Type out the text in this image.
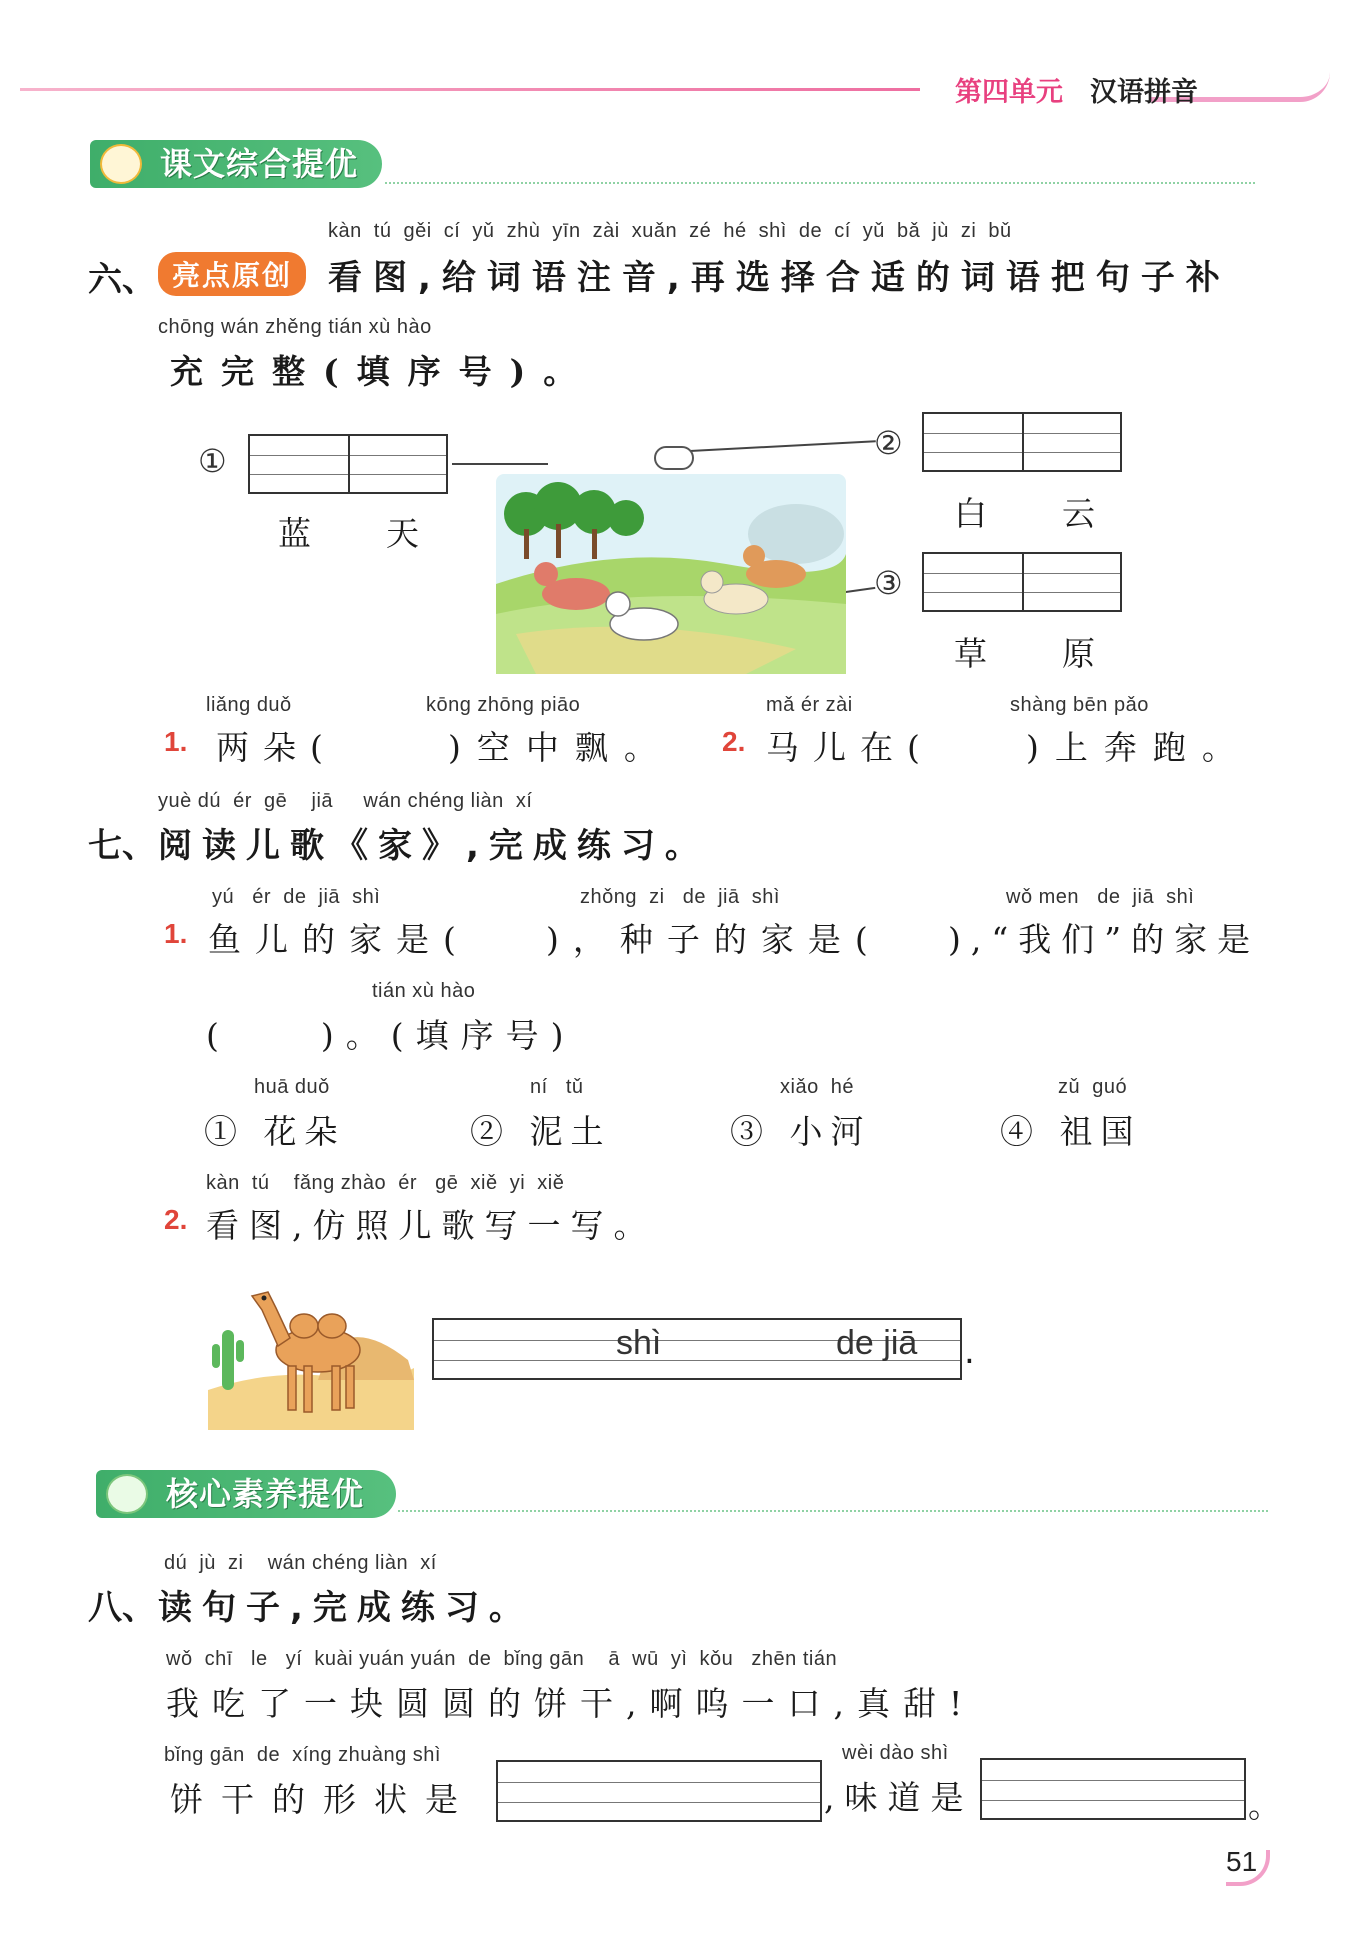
第四单元 汉语拼音
课文综合提优
kàn tú gěi cí yǔ zhù yīn zài xuǎn zé hé shì de cí yǔ bǎ jù zi bǔ
六、 亮点原创	看图,给词语注音,再选择合适的词语把句子补
chōng wán zhěng tián xù hào
充完整(填序号)。
①
蓝 天
②
白 云
③
草 原
liǎng duǒ	kōng zhōng piāo
1. 两朵( )空中飘。
mǎ ér zài	shàng bēn pǎo
2. 马儿在(
)上奔跑。
yuè dú  ér  gē    jiā     wán chéng liàn  xí
七、 阅读儿歌《家》,完成练习。
yú   ér  de  jiā  shì	zhǒng  zi   de  jiā  shì	wǒ men   de  jiā  shì
1. 鱼儿的家是( )，种子的家是( ),“我们”的家是
tián xù hào
(    )。(填序号)
huā duǒ
① 花朵
ní   tǔ
② 泥土
xiǎo  hé
③ 小河
zǔ  guó
④ 祖国
kàn  tú    fǎng zhào  ér   gē  xiě  yi  xiě
2. 看图,仿照儿歌写一写。
shì	de jiā .
核心素养提优
dú  jù  zi    wán chéng liàn  xí
八、 读句子,完成练习。
wǒ  chī   le   yí  kuài yuán yuán  de  bǐng gān    ā  wū  yì  kǒu   zhēn tián
我吃了一块圆圆的饼干,啊呜一口,真甜!
bǐng gān  de  xíng zhuàng shì
饼干的形状是
wèi dào shì
,味道是	。
51
